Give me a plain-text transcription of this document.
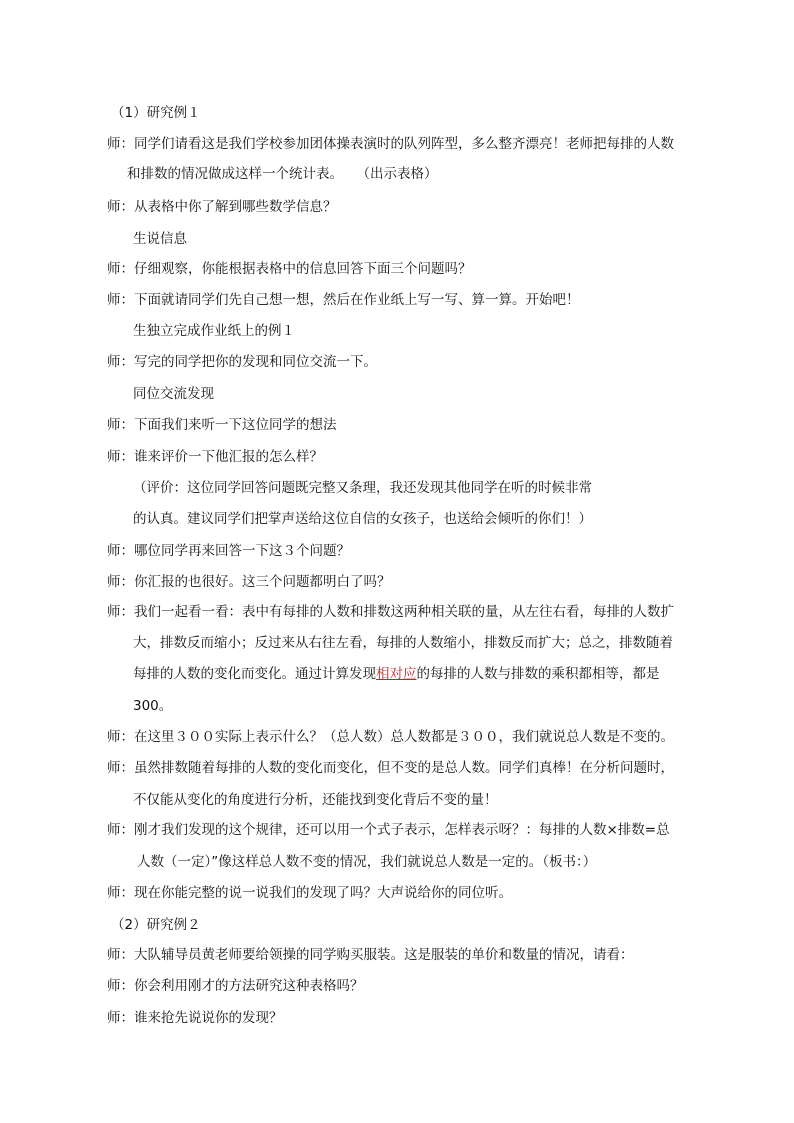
（1）研究例１
师：同学们请看这是我们学校参加团体操表演时的队列阵型，多么整齐漂亮！老师把每排的人数
和排数的情况做成这样一个统计表。　　（出示表格）
师：从表格中你了解到哪些数学信息？
生说信息
师：仔细观察，你能根据表格中的信息回答下面三个问题吗？
师：下面就请同学们先自己想一想，然后在作业纸上写一写、算一算。开始吧！
生独立完成作业纸上的例１
师：写完的同学把你的发现和同位交流一下。
同位交流发现
师：下面我们来听一下这位同学的想法
师：谁来评价一下他汇报的怎么样？
（评价：这位同学回答问题既完整又条理，我还发现其他同学在听的时候非常
的认真。建议同学们把掌声送给这位自信的女孩子，也送给会倾听的你们！）
师：哪位同学再来回答一下这３个问题？
师：你汇报的也很好。这三个问题都明白了吗？
师：我们一起看一看：表中有每排的人数和排数这两种相关联的量，从左往右看，每排的人数扩
大，排数反而缩小；反过来从右往左看，每排的人数缩小，排数反而扩大；总之，排数随着
每排的人数的变化而变化。通过计算发现相对应的每排的人数与排数的乘积都相等，都是
300。
师：在这里３００实际上表示什么？（总人数）总人数都是３００，我们就说总人数是不变的。
师：虽然排数随着每排的人数的变化而变化，但不变的是总人数。同学们真棒！在分析问题时，
不仅能从变化的角度进行分析，还能找到变化背后不变的量！
师：刚才我们发现的这个规律，还可以用一个式子表示，怎样表示呀？：每排的人数×排数=总
人数（一定）”像这样总人数不变的情况，我们就说总人数是一定的。（板书：）
师：现在你能完整的说一说我们的发现了吗？大声说给你的同位听。
（2）研究例２
师：大队辅导员黄老师要给领操的同学购买服装。这是服装的单价和数量的情况，请看：
师：你会利用刚才的方法研究这种表格吗？
师：谁来抢先说说你的发现？
